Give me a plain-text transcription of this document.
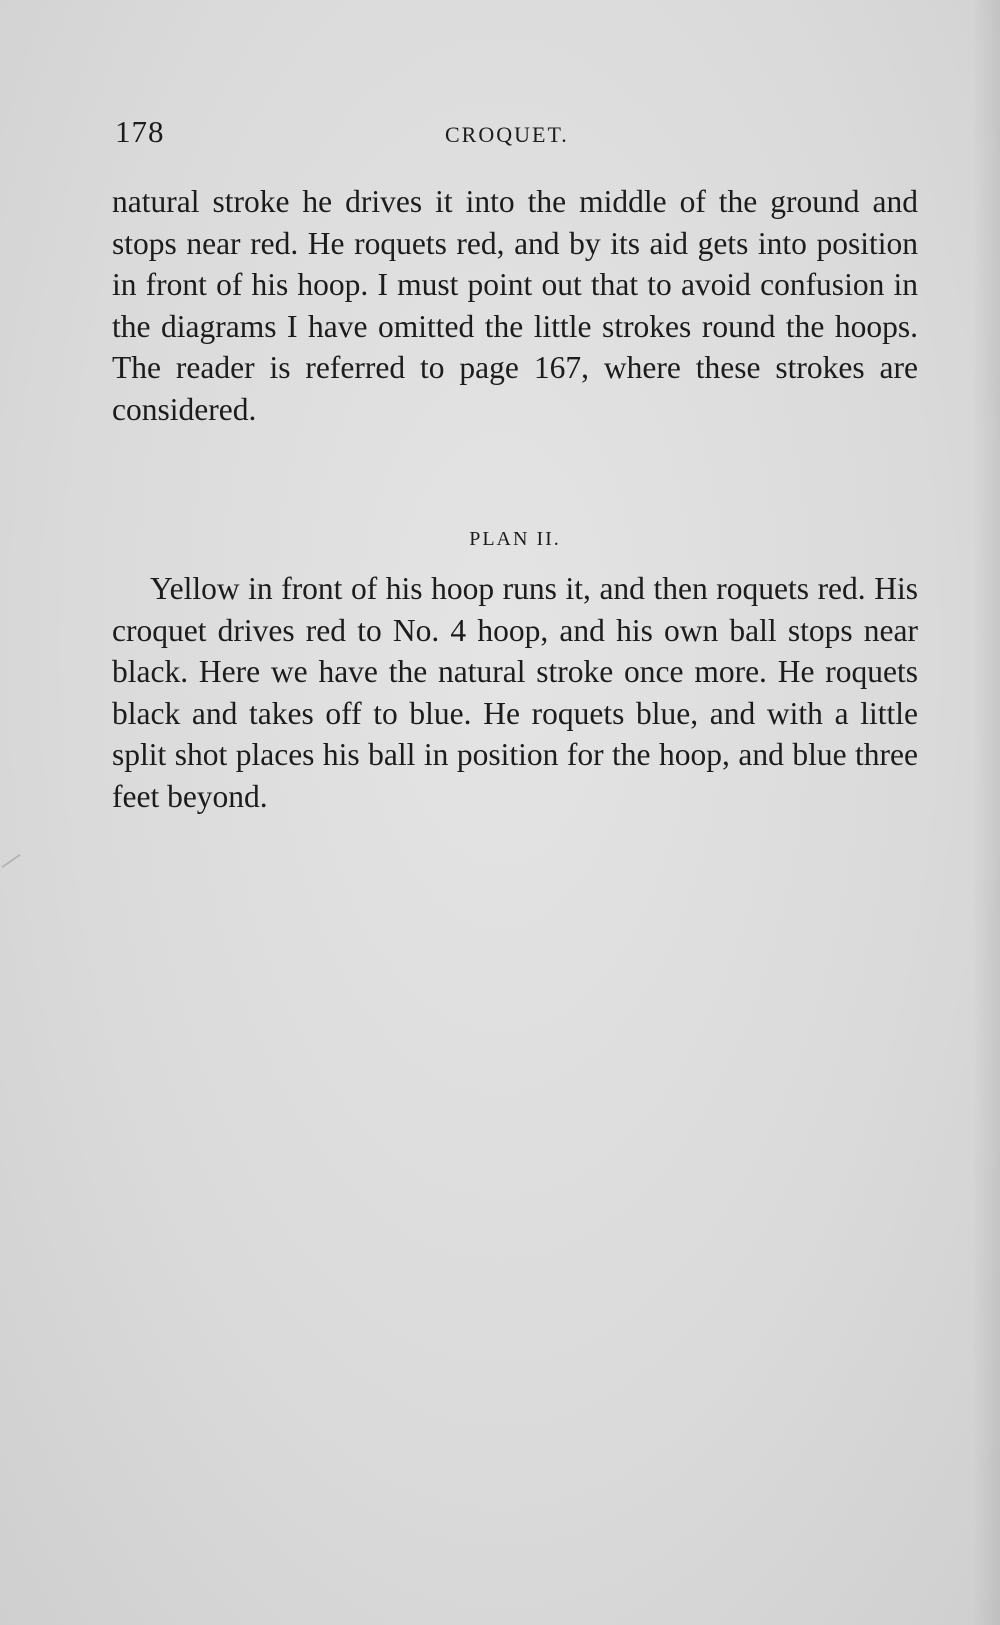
178	CROQUET.

natural stroke he drives it into the middle of the ground and stops near red. He roquets red, and by its aid gets into position in front of his hoop. I must point out that to avoid confusion in the diagrams I have omitted the little strokes round the hoops. The reader is referred to page 167, where these strokes are considered.

PLAN II.

Yellow in front of his hoop runs it, and then roquets red. His croquet drives red to No. 4 hoop, and his own ball stops near black. Here we have the natural stroke once more. He roquets black and takes off to blue. He roquets blue, and with a little split shot places his ball in position for the hoop, and blue three feet beyond.
